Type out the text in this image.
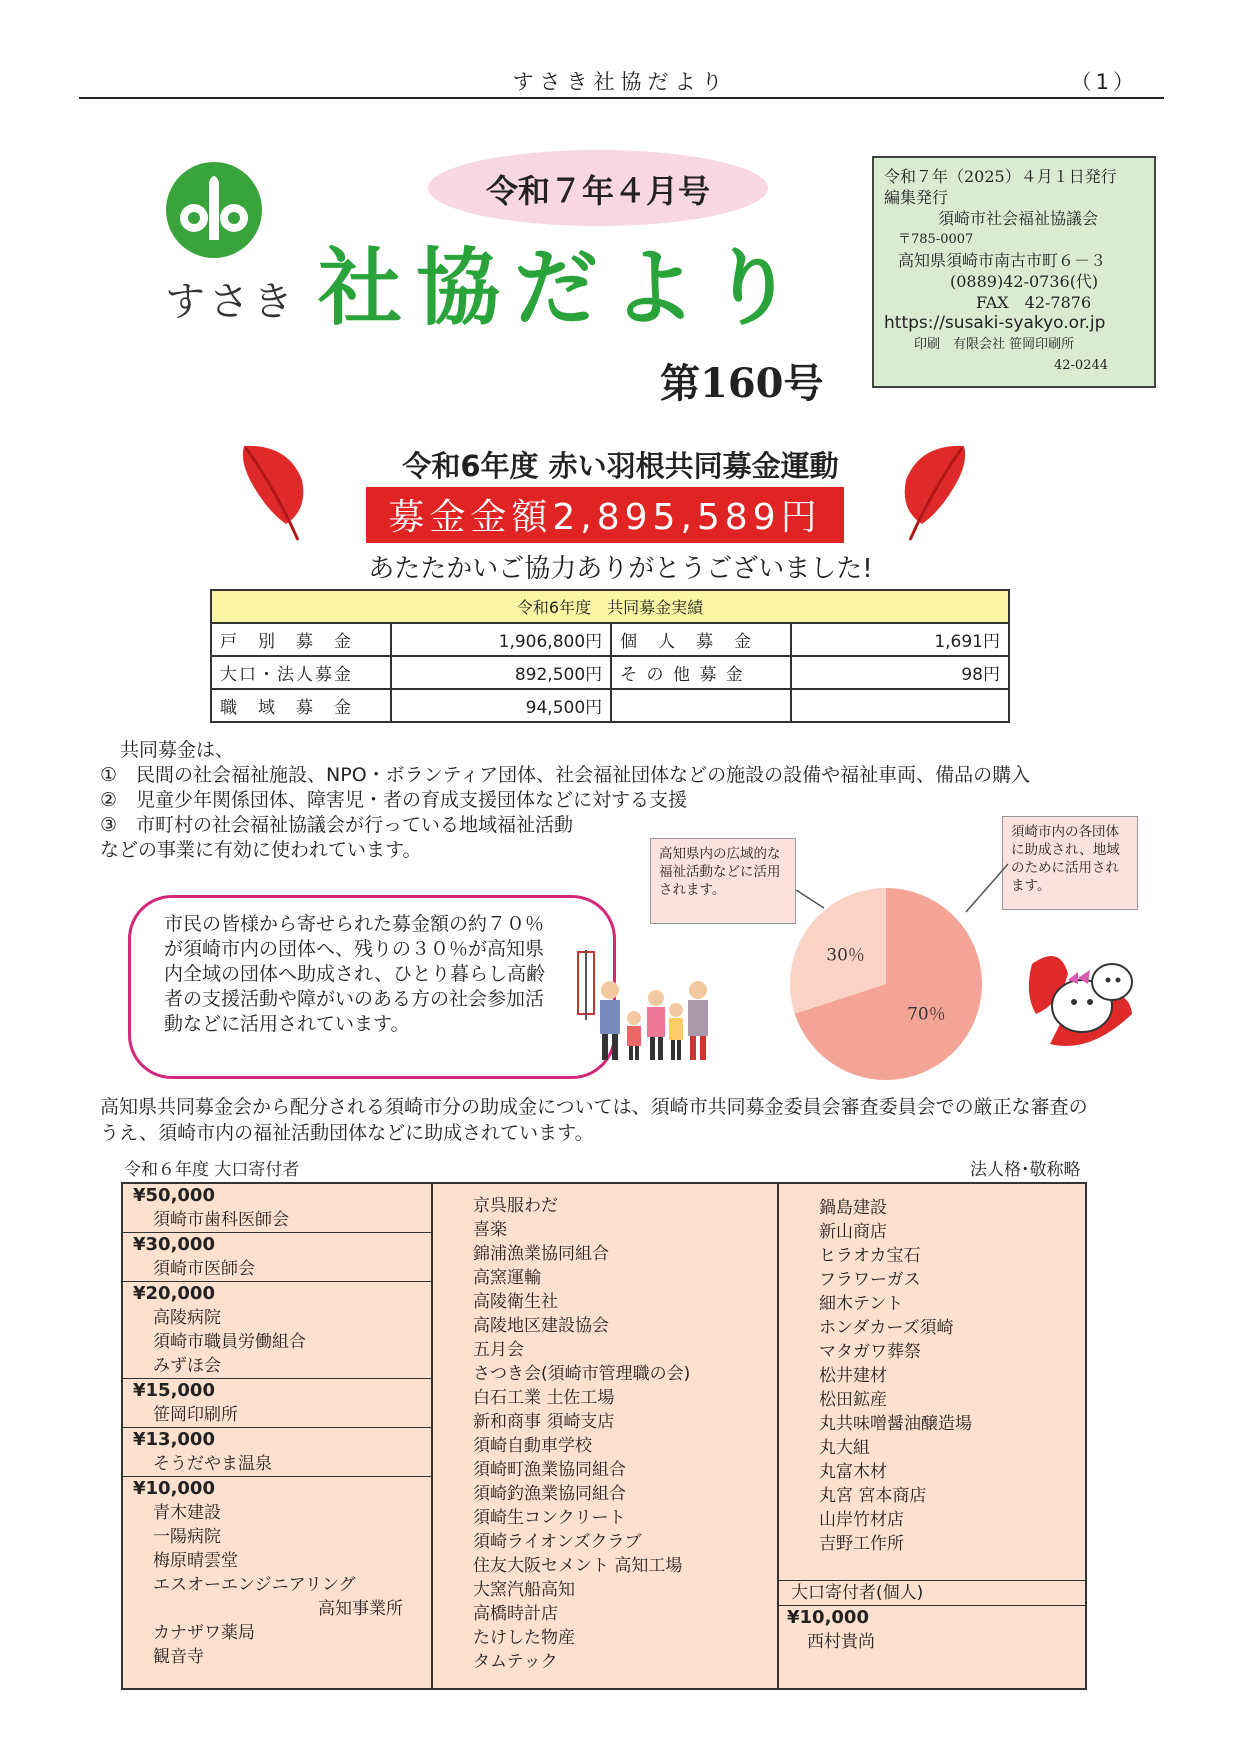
すさき社協だより	（1）
すさき
令和７年４月号
社協だより
第160号
令和７年（2025）４月１日発行
編集発行
須崎市社会福祉協議会
〒785-0007
高知県須崎市南古市町６－３
(0889)42-0736(代)
FAX　42-7876
https://susaki-syakyo.or.jp
印刷　有限会社 笹岡印刷所
42-0244
令和6年度 赤い羽根共同募金運動
募金金額2,895,589円
あたたかいご協力ありがとうございました!
令和6年度　共同募金実績			
戸　別　募　金	1,906,800円	個　人　募　金	1,691円
大口・法人募金	892,500円	そ の 他 募 金	98円
職　域　募　金	94,500円		
共同募金は、
①　民間の社会福祉施設、NPO・ボランティア団体、社会福祉団体などの施設の設備や福祉車両、備品の購入
②　児童少年関係団体、障害児・者の育成支援団体などに対する支援
③　市町村の社会福祉協議会が行っている地域福祉活動
などの事業に有効に使われています。	高知県内の広域的な福祉活動などに活用されます。
須崎市内の各団体に助成され、地域のために活用されます。
70％
30％
市民の皆様から寄せられた募金額の約７０％が須崎市内の団体へ、残りの３０％が高知県内全域の団体へ助成され、ひとり暮らし高齢者の支援活動や障がいのある方の社会参加活動などに活用されています。
高知県共同募金会から配分される須崎市分の助成金については、須崎市共同募金委員会審査委員会での厳正な審査のうえ、須崎市内の福祉活動団体などに助成されています。
令和６年度 大口寄付者	法人格･敬称略
¥50,000
須崎市歯科医師会
¥30,000
須崎市医師会
¥20,000
高陵病院
須崎市職員労働組合
みずほ会
¥15,000
笹岡印刷所
¥13,000
そうだやま温泉
¥10,000
青木建設
一陽病院
梅原晴雲堂
エスオーエンジニアリング
高知事業所
カナザワ薬局
観音寺
京呉服わだ
喜楽
錦浦漁業協同組合
高窯運輸
高陵衛生社
高陵地区建設協会
五月会
さつき会(須崎市管理職の会)
白石工業 土佐工場
新和商事 須崎支店
須崎自動車学校
須崎町漁業協同組合
須崎釣漁業協同組合
須崎生コンクリート
須崎ライオンズクラブ
住友大阪セメント 高知工場
大窯汽船高知
高橋時計店
たけした物産
タムテック
鍋島建設
新山商店
ヒラオカ宝石
フラワーガス
細木テント
ホンダカーズ須崎
マタガワ葬祭
松井建材
松田鉱産
丸共味噌醤油醸造場
丸大組
丸富木材
丸宮 宮本商店
山岸竹材店
吉野工作所
大口寄付者(個人)
¥10,000
西村貴尚
